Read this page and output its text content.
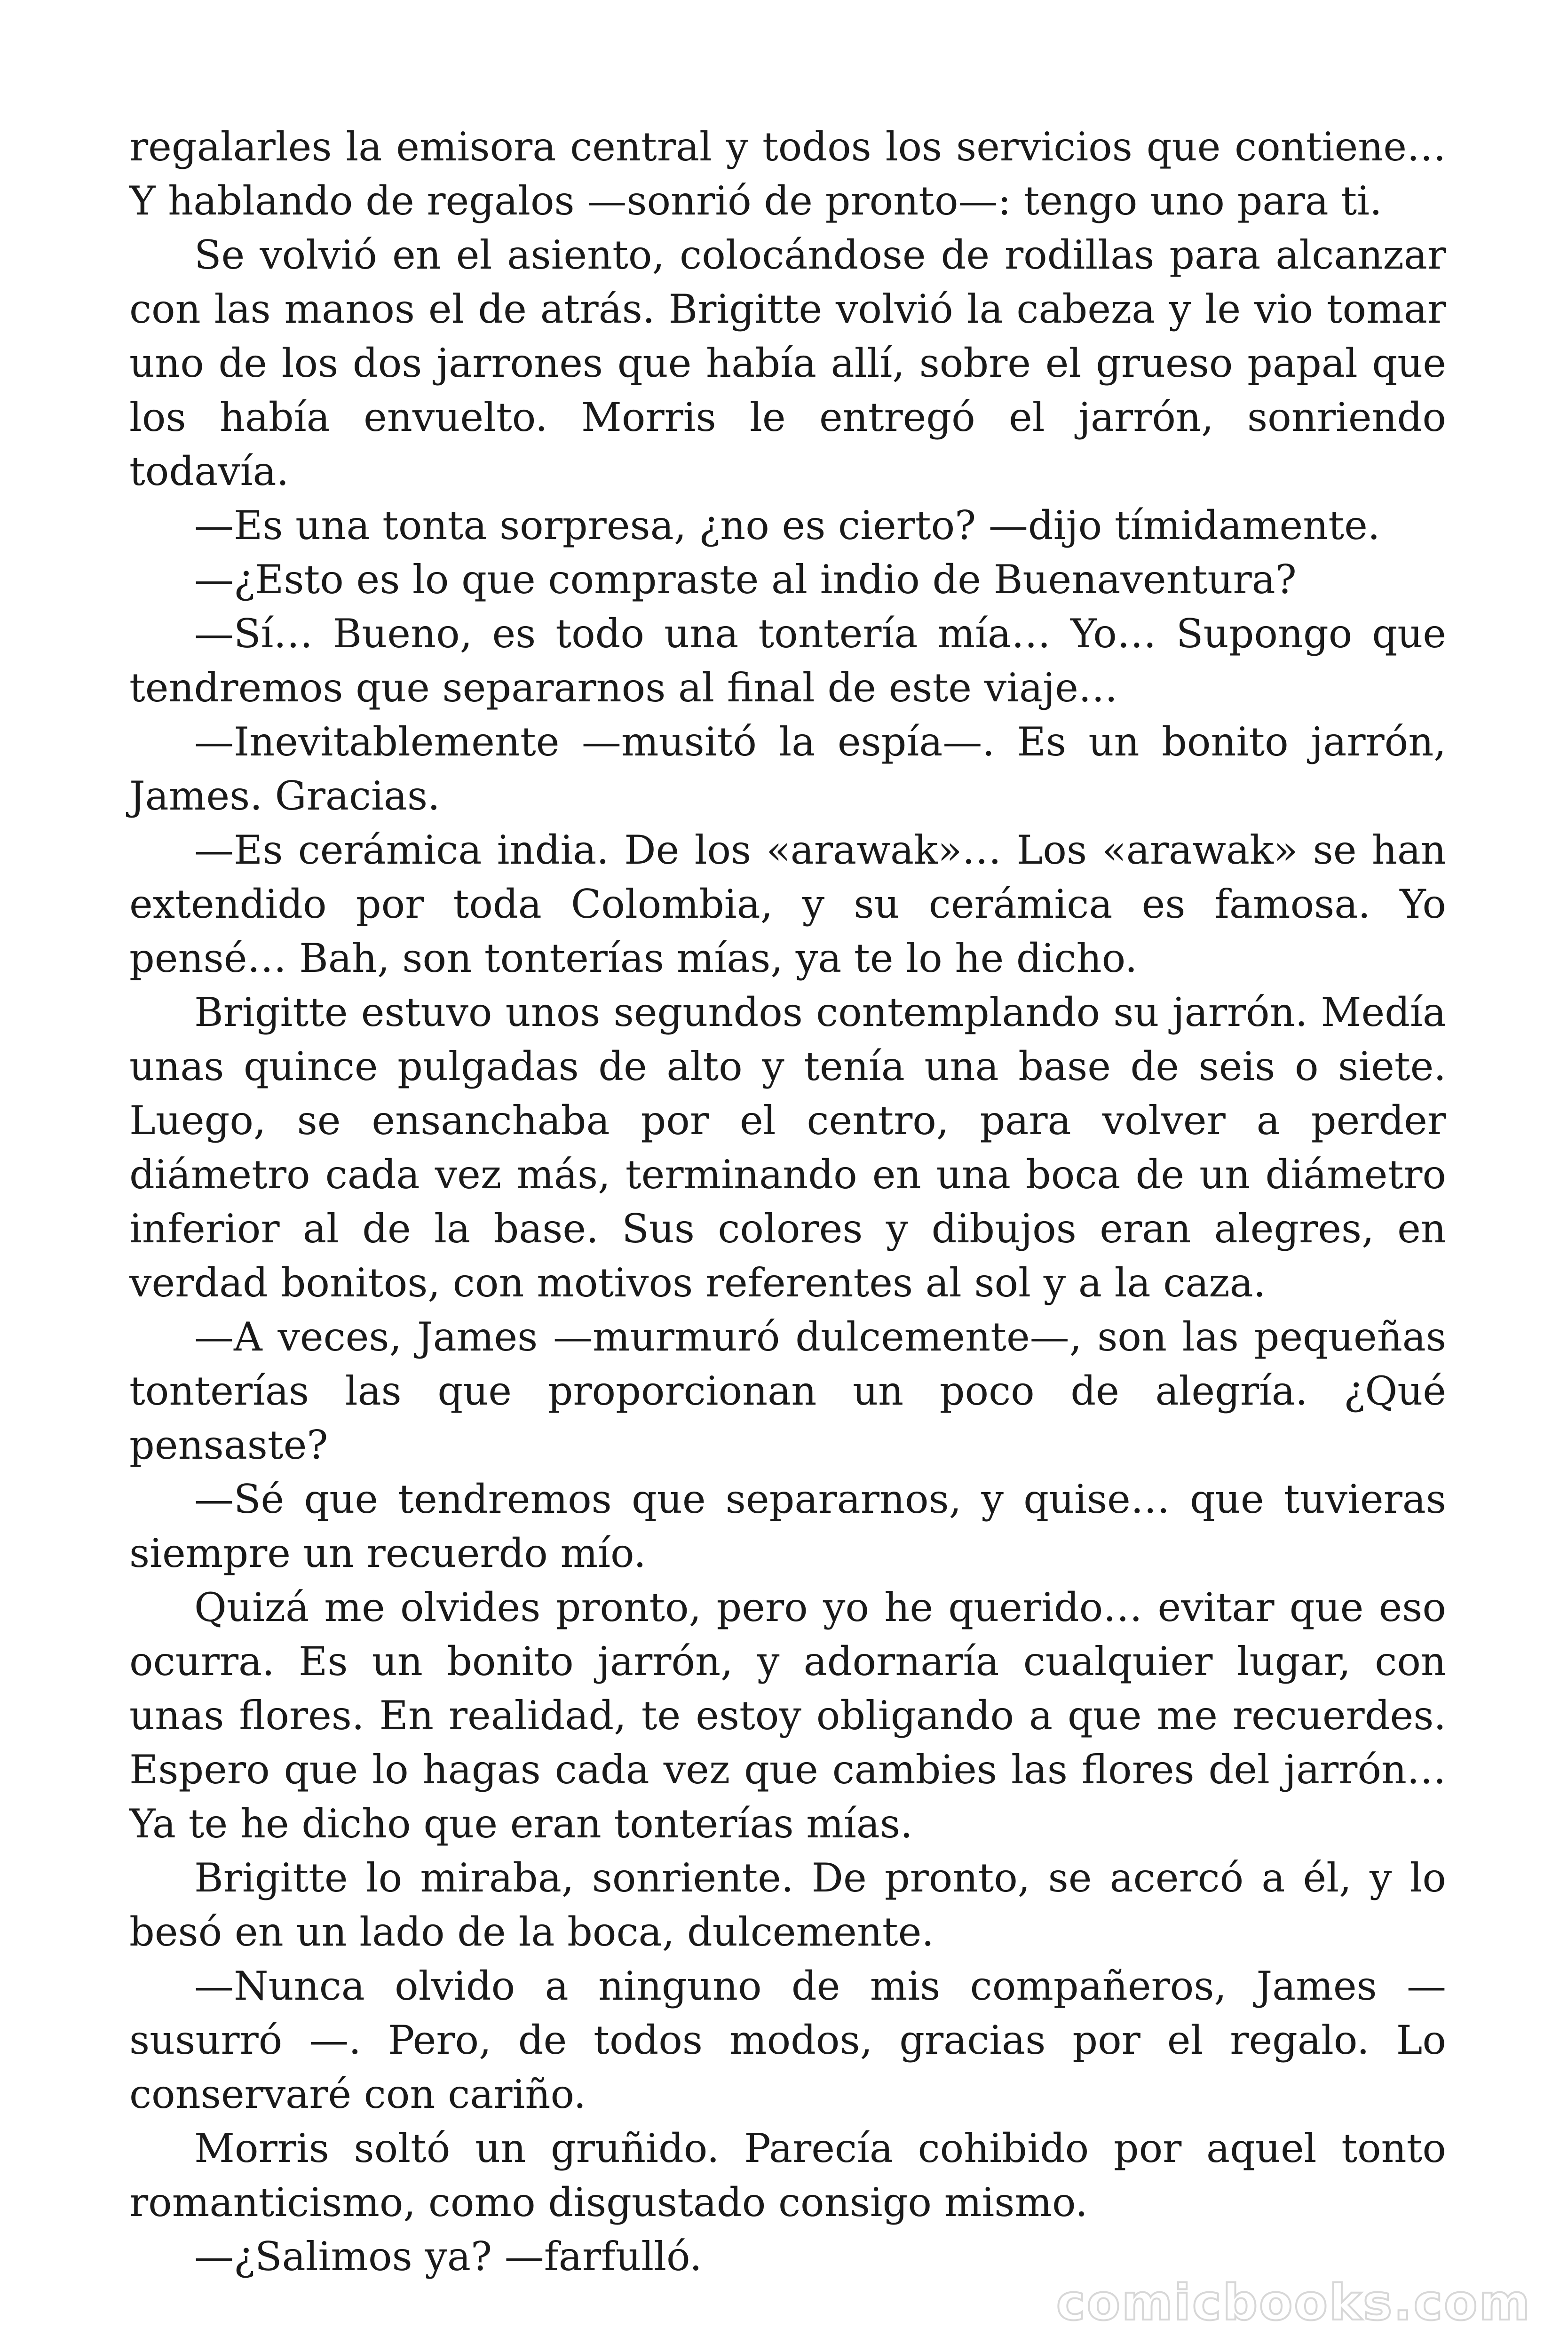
regalarles la emisora central y todos los servicios que contiene… Y hablando de regalos —sonrió de pronto—: tengo uno para ti.

Se volvió en el asiento, colocándose de rodillas para alcanzar con las manos el de atrás. Brigitte volvió la cabeza y le vio tomar uno de los dos jarrones que había allí, sobre el grueso papal que los había envuelto. Morris le entregó el jarrón, sonriendo todavía.

—Es una tonta sorpresa, ¿no es cierto? —dijo tímidamente.

—¿Esto es lo que compraste al indio de Buenaventura?

—Sí… Bueno, es todo una tontería mía… Yo… Supongo que tendremos que separarnos al final de este viaje…

—Inevitablemente —musitó la espía—. Es un bonito jarrón, James. Gracias.

—Es cerámica india. De los «arawak»… Los «arawak» se han extendido por toda Colombia, y su cerámica es famosa. Yo pensé… Bah, son tonterías mías, ya te lo he dicho.

Brigitte estuvo unos segundos contemplando su jarrón. Medía unas quince pulgadas de alto y tenía una base de seis o siete. Luego, se ensanchaba por el centro, para volver a perder diámetro cada vez más, terminando en una boca de un diámetro inferior al de la base. Sus colores y dibujos eran alegres, en verdad bonitos, con motivos referentes al sol y a la caza.

—A veces, James —murmuró dulcemente—, son las pequeñas tonterías las que proporcionan un poco de alegría. ¿Qué pensaste?

—Sé que tendremos que separarnos, y quise… que tuvieras siempre un recuerdo mío.

Quizá me olvides pronto, pero yo he querido… evitar que eso ocurra. Es un bonito jarrón, y adornaría cualquier lugar, con unas flores. En realidad, te estoy obligando a que me recuerdes. Espero que lo hagas cada vez que cambies las flores del jarrón… Ya te he dicho que eran tonterías mías.

Brigitte lo miraba, sonriente. De pronto, se acercó a él, y lo besó en un lado de la boca, dulcemente.

—Nunca olvido a ninguno de mis compañeros, James —susurró —. Pero, de todos modos, gracias por el regalo. Lo conservaré con cariño.

Morris soltó un gruñido. Parecía cohibido por aquel tonto romanticismo, como disgustado consigo mismo.

—¿Salimos ya? —farfulló.

comicbooks.com
